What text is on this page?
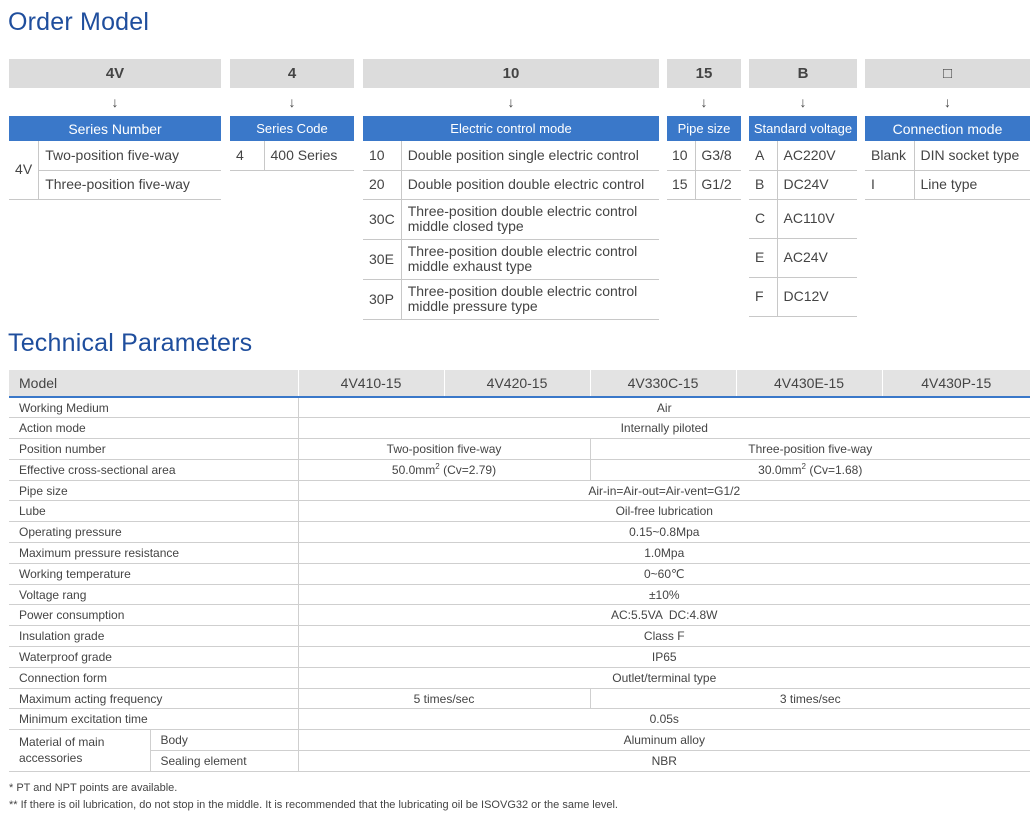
Order Model
4V
↓
Series Number
4V	Two-position five-way
Three-position five-way
4
↓
Series Code
4	400 Series
10
↓
Electric control mode
10	Double position single electric control
20	Double position double electric control
30C	Three-position double electric control middle closed type
30E	Three-position double electric control middle exhaust type
30P	Three-position double electric control middle pressure type
15
↓
Pipe size
10	G3/8
15	G1/2
B
↓
Standard voltage
A	AC220V
B	DC24V
C	AC110V
E	AC24V
F	DC12V
□
↓
Connection mode
Blank	DIN socket type
I	Line type
Technical Parameters
Model		4V410-15	4V420-15	4V330C-15	4V430E-15	4V430P-15
Working Medium		Air				
Action mode		Internally piloted				
Position number		Two-position five-way		Three-position five-way		
Effective cross-sectional area		$50.0mm^2$ (Cv=2.79)		$30.0mm^2$ (Cv=1.68)		
Pipe size		Air-in=Air-out=Air-vent=G1/2				
Lube		Oil-free lubrication				
Operating pressure		0.15~0.8Mpa				
Maximum pressure resistance		1.0Mpa				
Working temperature		0~60℃				
Voltage rang		±10%				
Power consumption		AC:5.5VA  DC:4.8W				
Insulation grade		Class F				
Waterproof grade		IP65				
Connection form		Outlet/terminal type				
Maximum acting frequency		5 times/sec		3 times/sec		
Minimum excitation time		0.05s				
Material of main accessories	Body	Aluminum alloy				
	Sealing element	NBR				
* PT and NPT points are available.
** If there is oil lubrication, do not stop in the middle. It is recommended that the lubricating oil be ISOVG32 or the same level.
